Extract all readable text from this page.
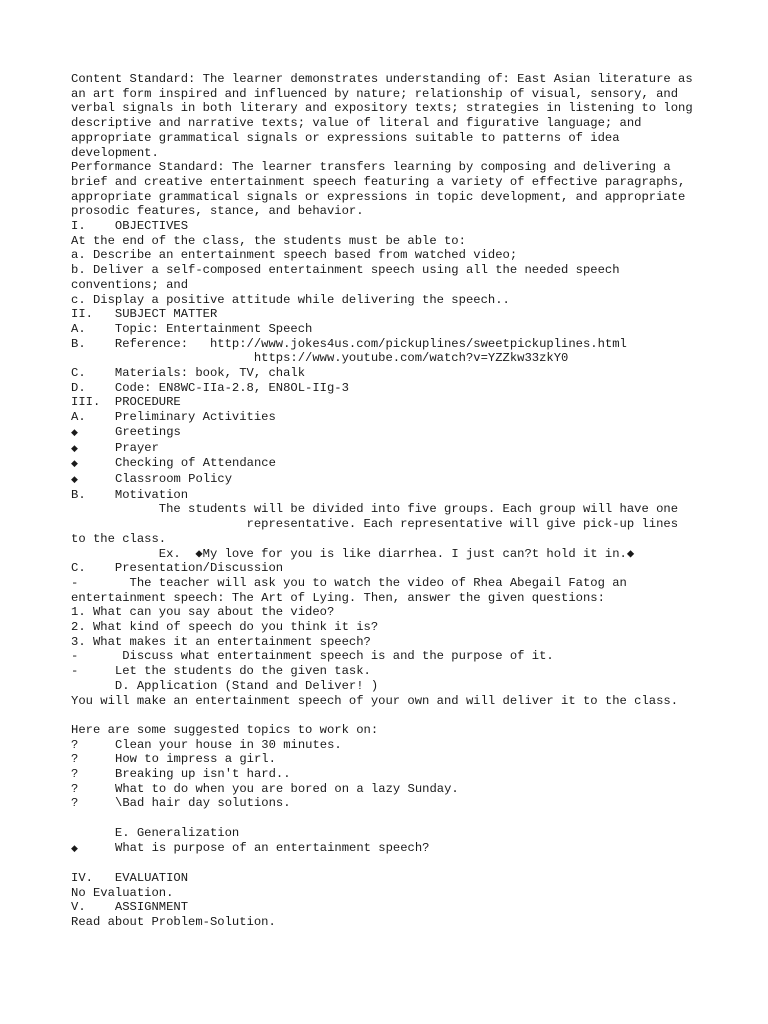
Content Standard: The learner demonstrates understanding of: East Asian literature as an art form inspired and influenced by nature; relationship of visual, sensory, and verbal signals in both literary and expository texts; strategies in listening to long descriptive and narrative texts; value of literal and figurative language; and appropriate grammatical signals or expressions suitable to patterns of idea development.
Performance Standard: The learner transfers learning by composing and delivering a brief and creative entertainment speech featuring a variety of effective paragraphs, appropriate grammatical signals or expressions in topic development, and appropriate prosodic features, stance, and behavior.
I.    OBJECTIVES
At the end of the class, the students must be able to:
a. Describe an entertainment speech based from watched video;
b. Deliver a self-composed entertainment speech using all the needed speech conventions; and
c. Display a positive attitude while delivering the speech..
II.   SUBJECT MATTER
A.    Topic: Entertainment Speech
B.    Reference:   http://www.jokes4us.com/pickuplines/sweetpickuplines.html
https://www.youtube.com/watch?v=YZZkw33zkY0
C.    Materials: book, TV, chalk
D.    Code: EN8WC-IIa-2.8, EN8OL-IIg-3
III.  PROCEDURE
A.    Preliminary Activities
◆	Greetings
◆	Prayer
◆	Checking of Attendance
◆	Classroom Policy
B.    Motivation
The students will be divided into five groups. Each group will have one
representative. Each representative will give pick-up lines
to the class.
Ex.  ◆My love for you is like diarrhea. I just can?t hold it in.◆
C.    Presentation/Discussion
-       The teacher will ask you to watch the video of Rhea Abegail Fatog an
entertainment speech: The Art of Lying. Then, answer the given questions:
1. What can you say about the video?
2. What kind of speech do you think it is?
3. What makes it an entertainment speech?
-      Discuss what entertainment speech is and the purpose of it.
-     Let the students do the given task.
D. Application (Stand and Deliver! )
You will make an entertainment speech of your own and will deliver it to the class.
Here are some suggested topics to work on:
?	Clean your house in 30 minutes.
?	How to impress a girl.
?	Breaking up isn't hard..
?	What to do when you are bored on a lazy Sunday.
?	\Bad hair day solutions.
E. Generalization
◆	What is purpose of an entertainment speech?
IV.   EVALUATION
No Evaluation.
V.    ASSIGNMENT
Read about Problem-Solution.
